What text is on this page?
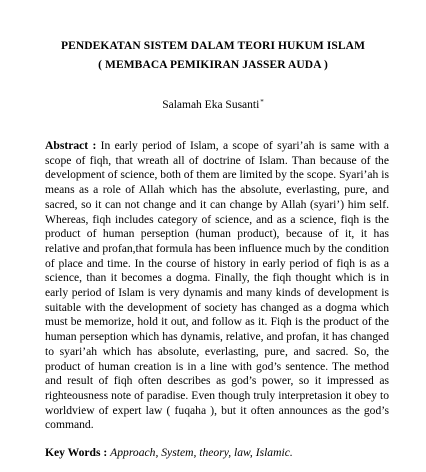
PENDEKATAN SISTEM DALAM TEORI HUKUM ISLAM
( MEMBACA PEMIKIRAN JASSER AUDA )
Salamah Eka Susanti*
Abstract : In early period of Islam, a scope of syari’ah is same with a scope of fiqh, that wreath all of doctrine of Islam. Than because of the development of science, both of them are limited by the scope. Syari’ah is means as a role of Allah which has the absolute, everlasting, pure, and sacred, so it can not change and it can change by Allah (syari’) him self. Whereas, fiqh includes category of science, and as a science, fiqh is the product of human perseption (human product), because of it, it has relative and profan,that formula has been influence much by the condition of place and time. In the course of history in early period of fiqh is as a science, than it becomes a dogma. Finally, the fiqh thought which is in early period of Islam is very dynamis and many kinds of development is suitable with the development of society has changed as a dogma which must be memorize, hold it out, and follow as it. Fiqh is the product of the human perseption which has dynamis, relative, and profan, it has changed to syari’ah which has absolute, everlasting, pure, and sacred. So, the product of human creation is in a line with god’s sentence. The method and result of fiqh often describes as god’s power, so it impressed as righteousness note of paradise. Even though truly interpretasion it obey to worldview of expert law ( fuqaha ), but it often announces as the god’s command.
Key Words : Approach, System, theory, law, Islamic.
